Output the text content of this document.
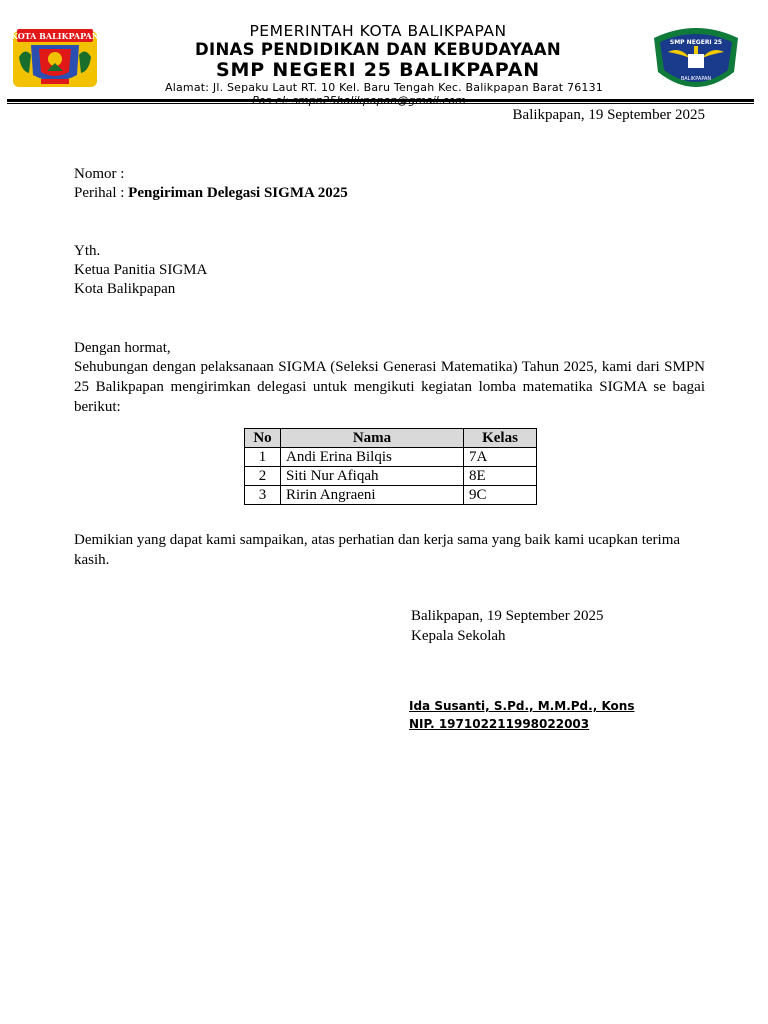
KOTA BALIKPAPAN	PEMERINTAH KOTA BALIKPAPAN
DINAS PENDIDIKAN DAN KEBUDAYAAN
SMP NEGERI 25 BALIKPAPAN
Alamat: Jl. Sepaku Laut RT. 10 Kel. Baru Tengah Kec. Balikpapan Barat 76131
SMP NEGERI 25
BALIKPAPAN
Balikpapan, 19 September 2025
Nomor :
Perihal : Pengiriman Delegasi SIGMA 2025
Yth.
Ketua Panitia SIGMA
Kota Balikpapan
Dengan hormat,
Sehubungan dengan pelaksanaan SIGMA (Seleksi Generasi Matematika) Tahun 2025, kami dari SMPN 25 Balikpapan mengirimkan delegasi untuk mengikuti kegiatan lomba matematika SIGMA se bagai berikut:
No	Nama	Kelas
1	Andi Erina Bilqis	7A
2	Siti Nur Afiqah	8E
3	Ririn Angraeni	9C
Demikian yang dapat kami sampaikan, atas perhatian dan kerja sama yang baik kami ucapkan terima kasih.
Balikpapan, 19 September 2025
Kepala Sekolah
Ida Susanti, S.Pd., M.M.Pd., Kons
NIP. 197102211998022003
